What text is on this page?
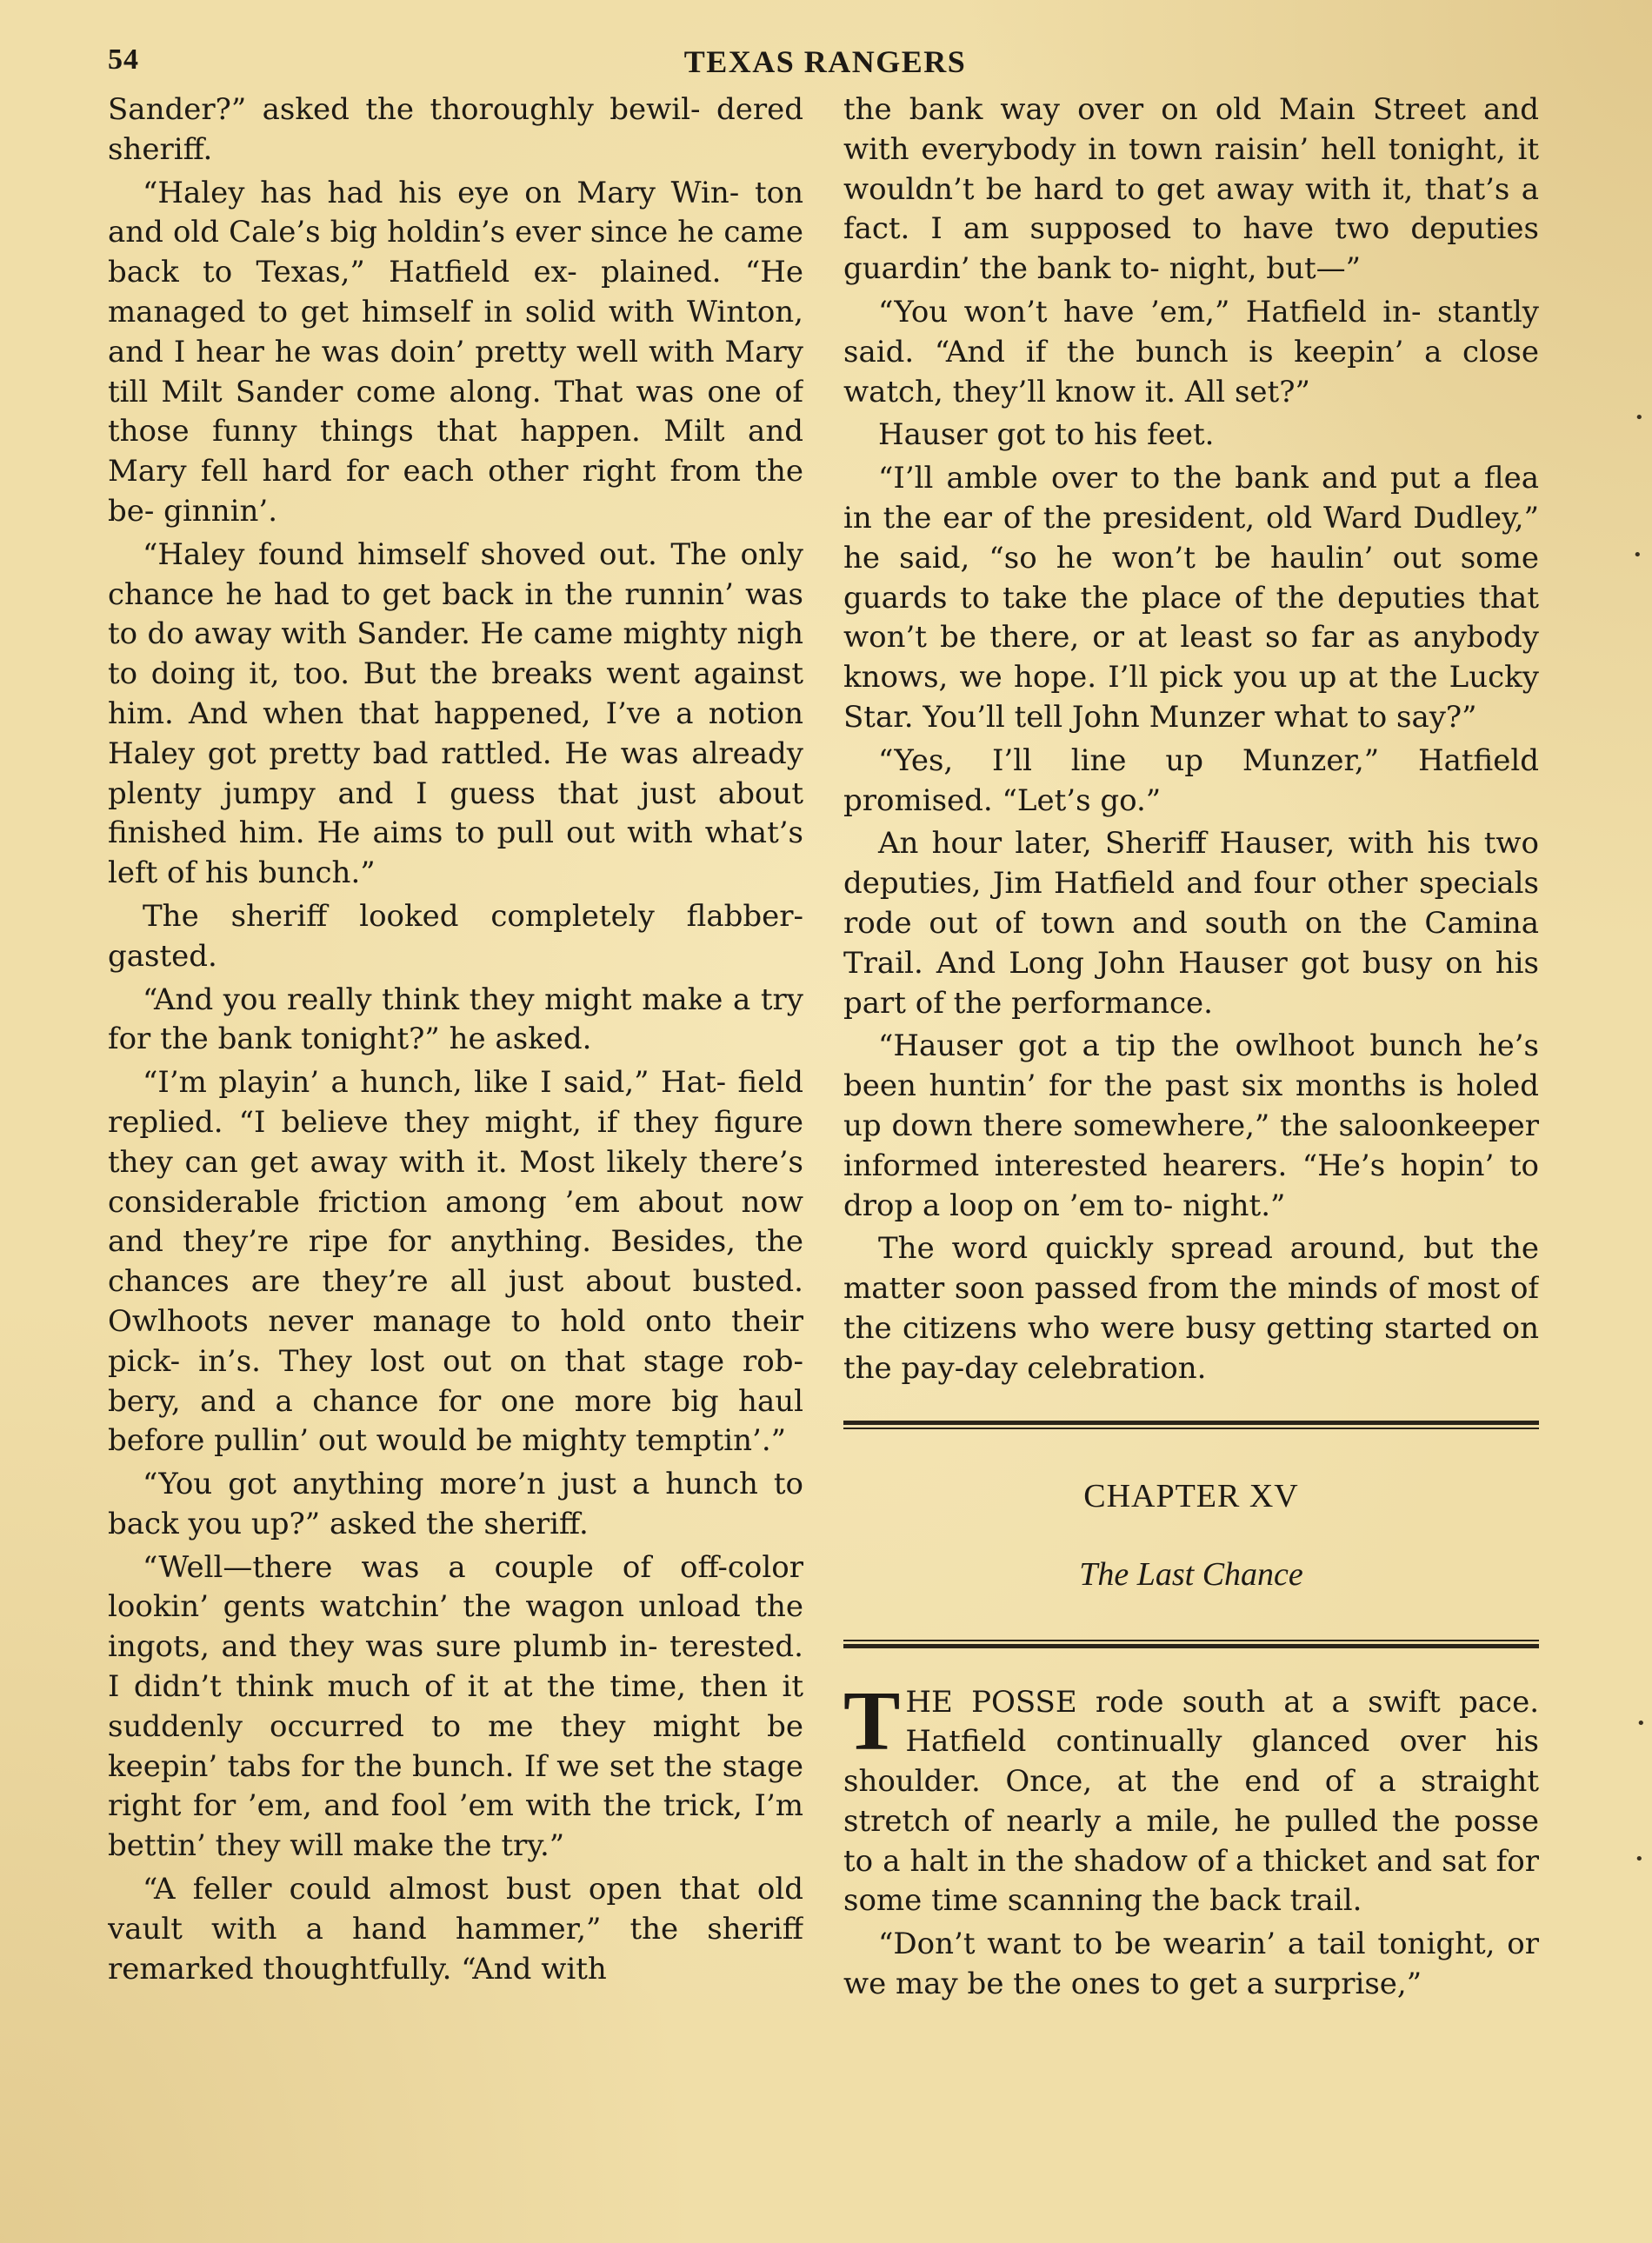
54	TEXAS RANGERS

Sander?” asked the thoroughly bewil- dered sheriff.

“Haley has had his eye on Mary Win- ton and old Cale’s big holdin’s ever since he came back to Texas,” Hatfield ex- plained. “He managed to get himself in solid with Winton, and I hear he was doin’ pretty well with Mary till Milt Sander come along. That was one of those funny things that happen. Milt and Mary fell hard for each other right from the be- ginnin’.

“Haley found himself shoved out. The only chance he had to get back in the runnin’ was to do away with Sander. He came mighty nigh to doing it, too. But the breaks went against him. And when that happened, I’ve a notion Haley got pretty bad rattled. He was already plenty jumpy and I guess that just about finished him. He aims to pull out with what’s left of his bunch.”

The sheriff looked completely flabber- gasted.

“And you really think they might make a try for the bank tonight?” he asked.

“I’m playin’ a hunch, like I said,” Hat- field replied. “I believe they might, if they figure they can get away with it. Most likely there’s considerable friction among ’em about now and they’re ripe for anything. Besides, the chances are they’re all just about busted. Owlhoots never manage to hold onto their pick- in’s. They lost out on that stage rob- bery, and a chance for one more big haul before pullin’ out would be mighty temptin’.”

“You got anything more’n just a hunch to back you up?” asked the sheriff.

“Well—there was a couple of off-color lookin’ gents watchin’ the wagon unload the ingots, and they was sure plumb in- terested. I didn’t think much of it at the time, then it suddenly occurred to me they might be keepin’ tabs for the bunch. If we set the stage right for ’em, and fool ’em with the trick, I’m bettin’ they will make the try.”

“A feller could almost bust open that old vault with a hand hammer,” the sheriff remarked thoughtfully. “And with

the bank way over on old Main Street and with everybody in town raisin’ hell tonight, it wouldn’t be hard to get away with it, that’s a fact. I am supposed to have two deputies guardin’ the bank to- night, but—”

“You won’t have ’em,” Hatfield in- stantly said. “And if the bunch is keepin’ a close watch, they’ll know it. All set?”

Hauser got to his feet.

“I’ll amble over to the bank and put a flea in the ear of the president, old Ward Dudley,” he said, “so he won’t be haulin’ out some guards to take the place of the deputies that won’t be there, or at least so far as anybody knows, we hope. I’ll pick you up at the Lucky Star. You’ll tell John Munzer what to say?”

“Yes, I’ll line up Munzer,” Hatfield promised. “Let’s go.”

An hour later, Sheriff Hauser, with his two deputies, Jim Hatfield and four other specials rode out of town and south on the Camina Trail. And Long John Hauser got busy on his part of the performance.

“Hauser got a tip the owlhoot bunch he’s been huntin’ for the past six months is holed up down there somewhere,” the saloonkeeper informed interested hearers. “He’s hopin’ to drop a loop on ’em to- night.”

The word quickly spread around, but the matter soon passed from the minds of most of the citizens who were busy getting started on the pay-day celebration.

CHAPTER XV
The Last Chance

THE POSSE rode south at a swift pace. Hatfield continually glanced over his shoulder. Once, at the end of a straight stretch of nearly a mile, he pulled the posse to a halt in the shadow of a thicket and sat for some time scanning the back trail.

“Don’t want to be wearin’ a tail tonight, or we may be the ones to get a surprise,”

•
•
•
•
